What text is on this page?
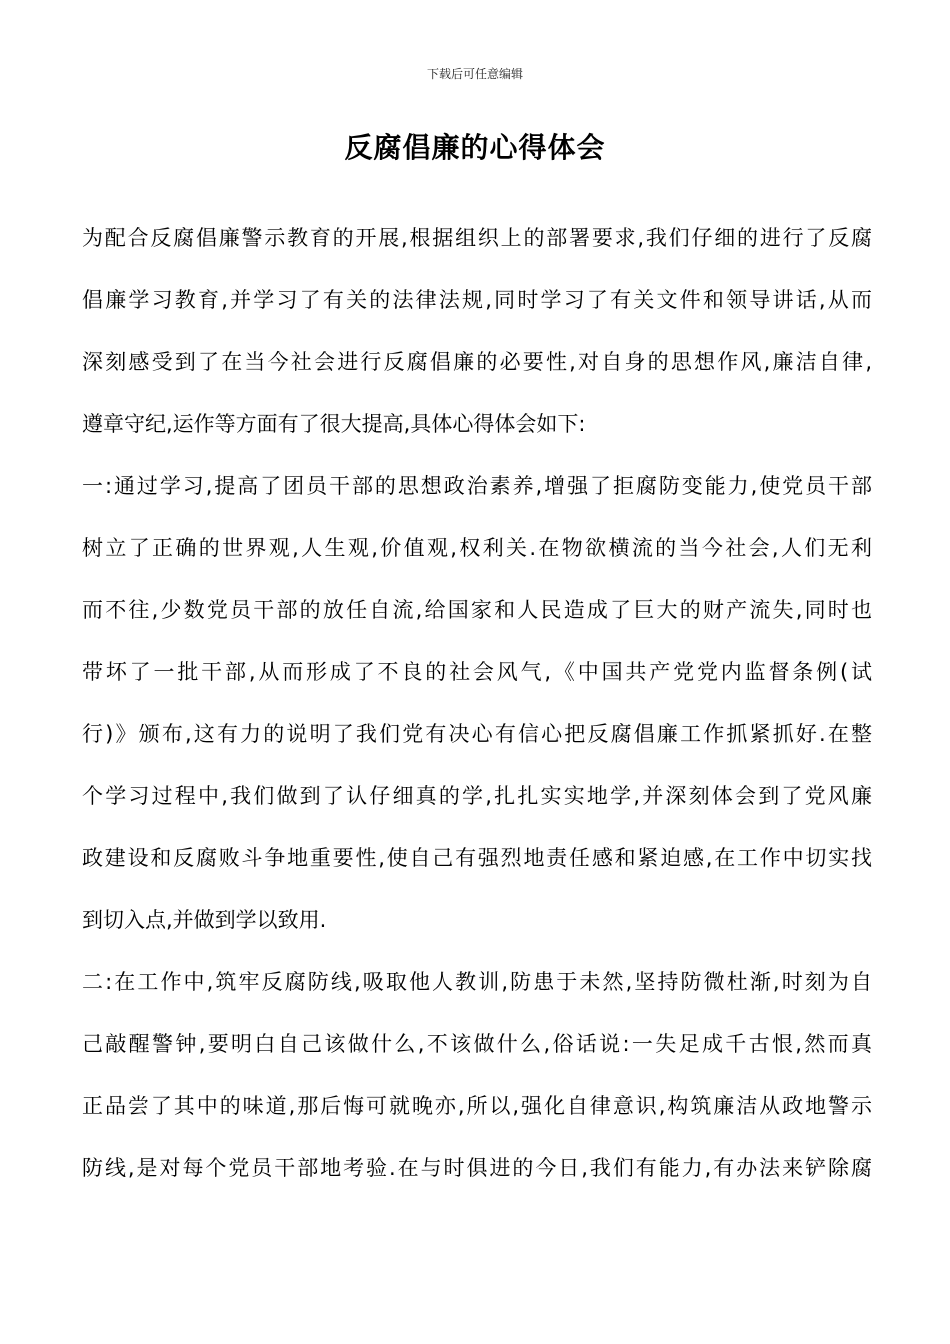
下载后可任意编辑
反腐倡廉的心得体会
为配合反腐倡廉警示教育的开展,根据组织上的部署要求,我们仔细的进行了反腐
倡廉学习教育,并学习了有关的法律法规,同时学习了有关文件和领导讲话,从而
深刻感受到了在当今社会进行反腐倡廉的必要性,对自身的思想作风,廉洁自律,
遵章守纪,运作等方面有了很大提高,具体心得体会如下:
一:通过学习,提高了团员干部的思想政治素养,增强了拒腐防变能力,使党员干部
树立了正确的世界观,人生观,价值观,权利关.在物欲横流的当今社会,人们无利
而不往,少数党员干部的放任自流,给国家和人民造成了巨大的财产流失,同时也
带坏了一批干部,从而形成了不良的社会风气,《中国共产党党内监督条例(试
行)》颁布,这有力的说明了我们党有决心有信心把反腐倡廉工作抓紧抓好.在整
个学习过程中,我们做到了认仔细真的学,扎扎实实地学,并深刻体会到了党风廉
政建设和反腐败斗争地重要性,使自己有强烈地责任感和紧迫感,在工作中切实找
到切入点,并做到学以致用.
二:在工作中,筑牢反腐防线,吸取他人教训,防患于未然,坚持防微杜渐,时刻为自
己敲醒警钟,要明白自己该做什么,不该做什么,俗话说:一失足成千古恨,然而真
正品尝了其中的味道,那后悔可就晚亦,所以,强化自律意识,构筑廉洁从政地警示
防线,是对每个党员干部地考验.在与时俱进的今日,我们有能力,有办法来铲除腐
